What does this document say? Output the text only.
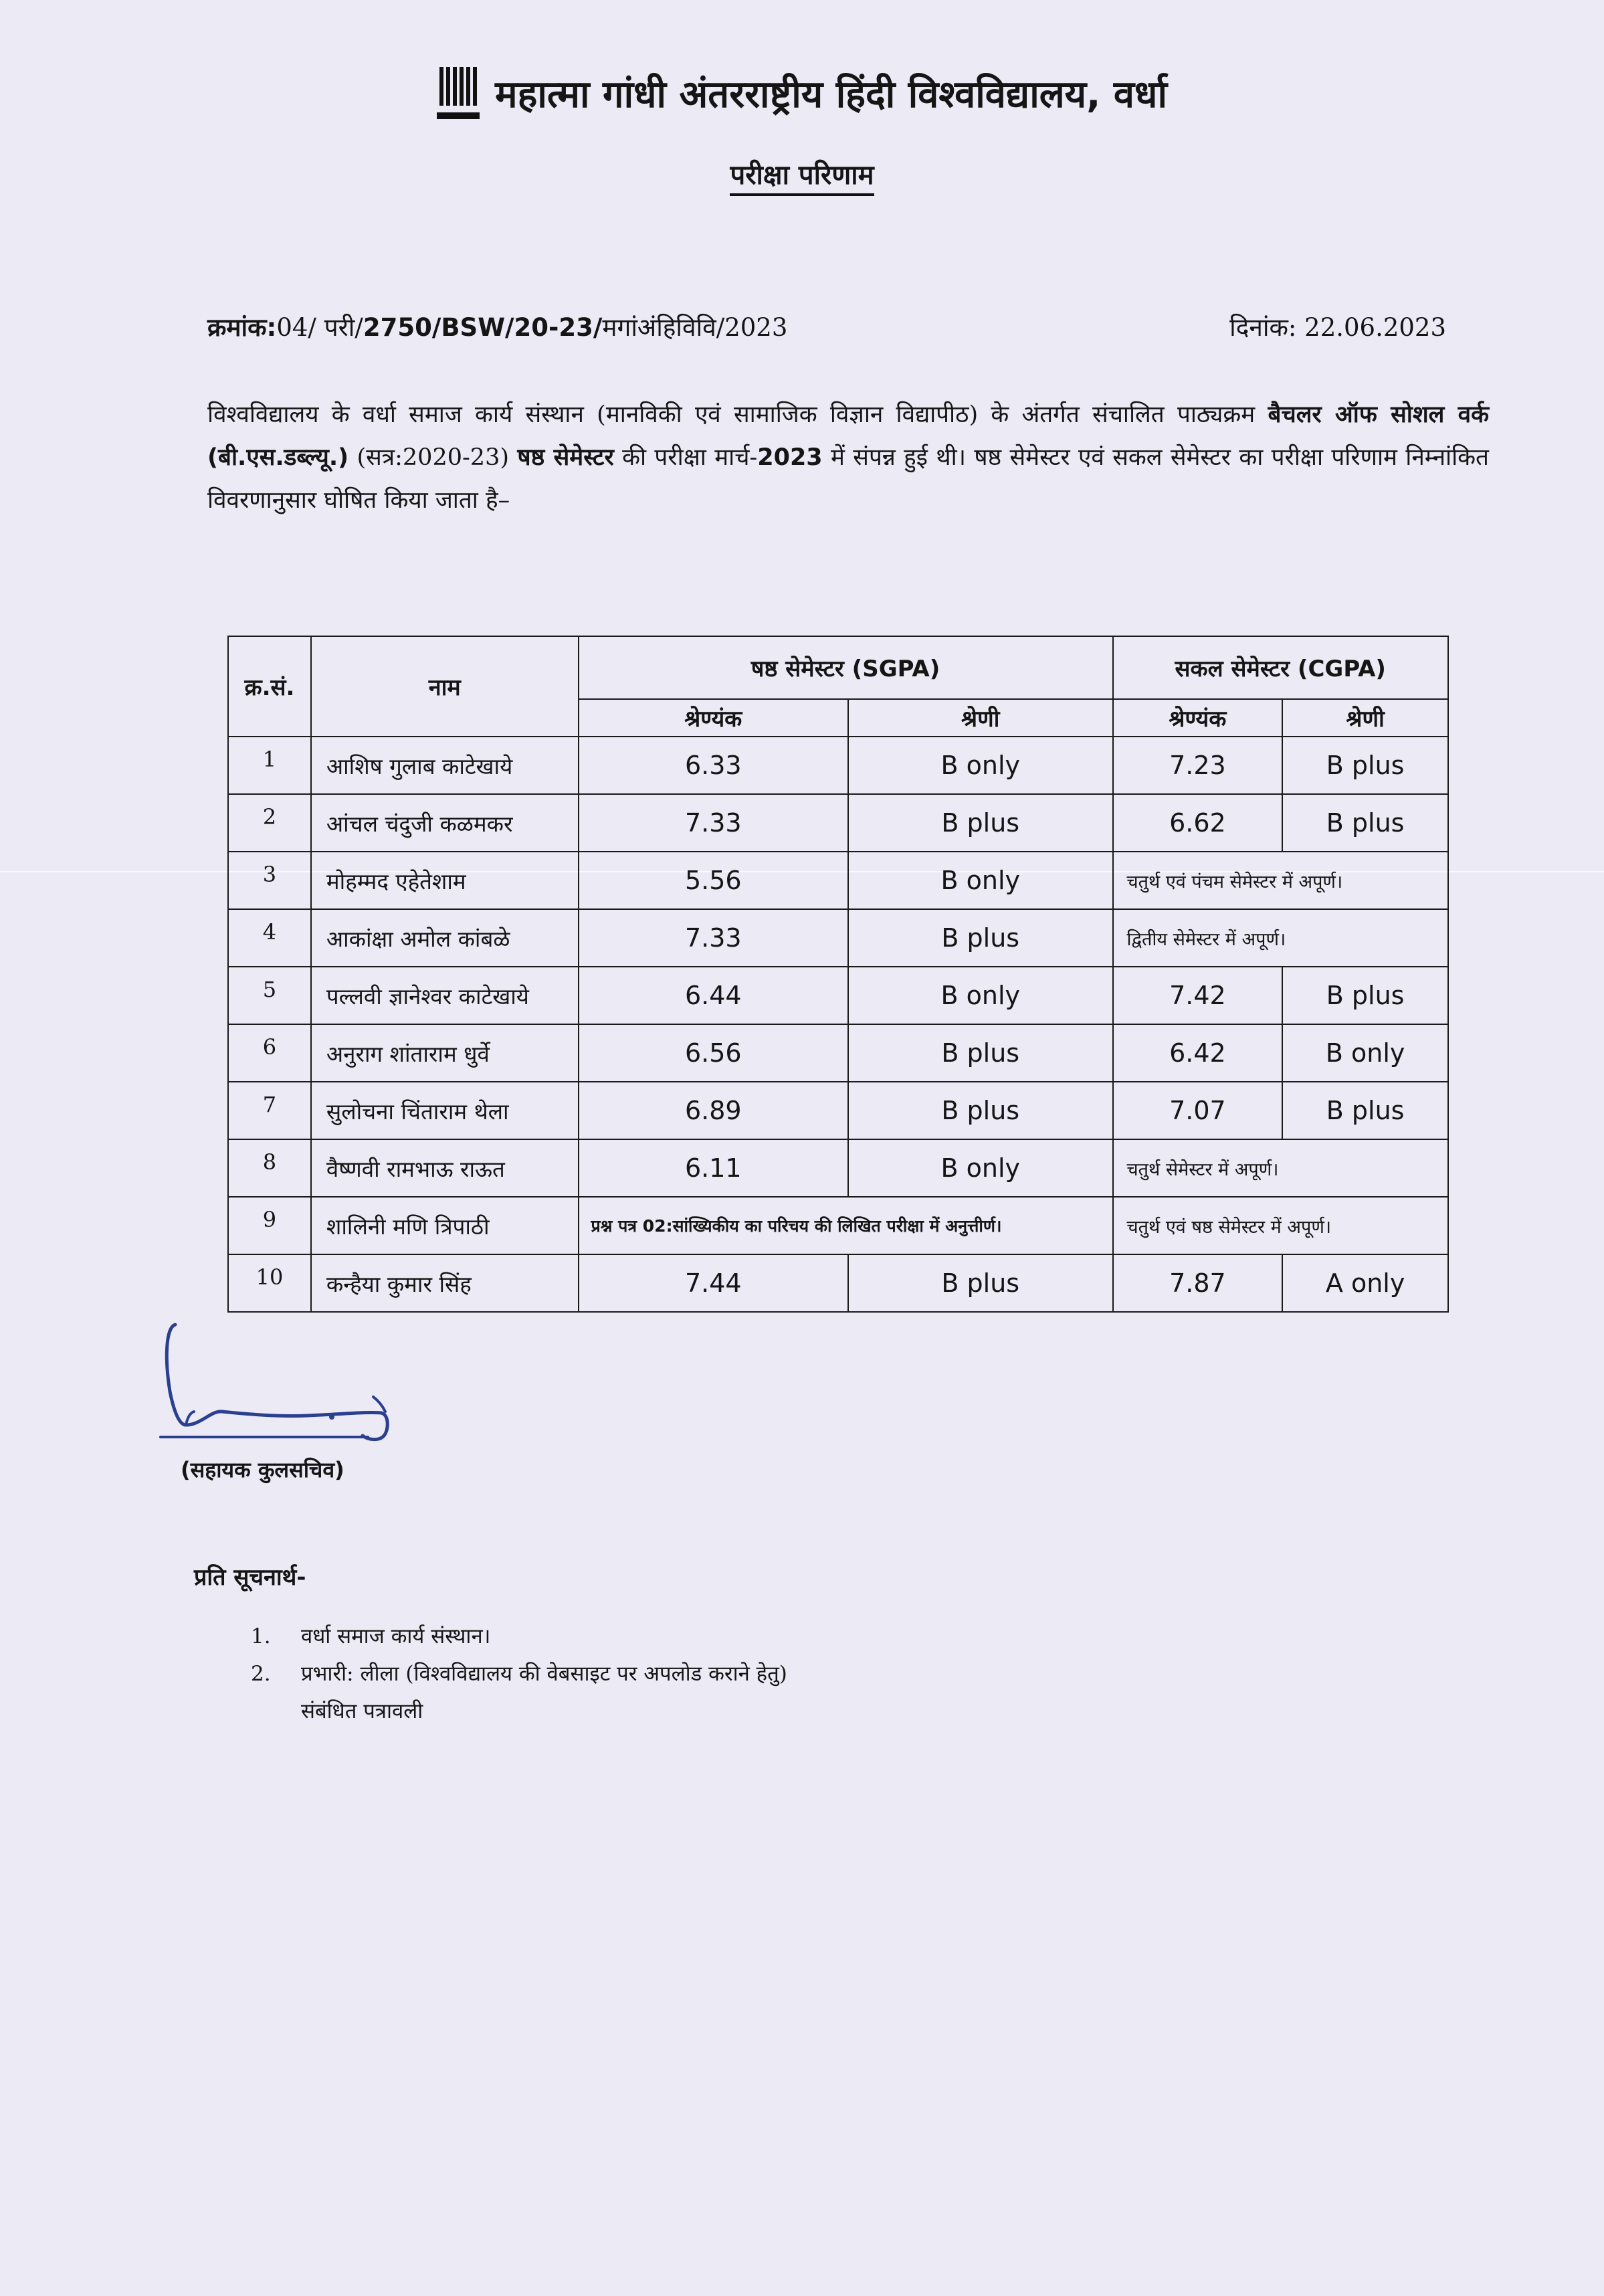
महात्मा गांधी अंतरराष्ट्रीय हिंदी विश्वविद्यालय, वर्धा
परीक्षा परिणाम
क्रमांक:04/ परी/2750/BSW/20-23/मगांअंहिविवि/2023	दिनांक: 22.06.2023
विश्वविद्यालय के वर्धा समाज कार्य संस्थान (मानविकी एवं सामाजिक विज्ञान विद्यापीठ) के अंतर्गत संचालित पाठ्यक्रम बैचलर ऑफ सोशल वर्क (बी.एस.डब्ल्यू.) (सत्र:2020-23) षष्ठ सेमेस्टर की परीक्षा मार्च-2023 में संपन्न हुई थी। षष्ठ सेमेस्टर एवं सकल सेमेस्टर का परीक्षा परिणाम निम्नांकित विवरणानुसार घोषित किया जाता है–
क्र.सं.	नाम	षष्ठ सेमेस्टर (SGPA)		सकल सेमेस्टर (CGPA)	
		श्रेण्यंक	श्रेणी	श्रेण्यंक	श्रेणी
1	आशिष गुलाब काटेखाये	6.33	B only	7.23	B plus
2	आंचल चंदुजी कळमकर	7.33	B plus	6.62	B plus
3	मोहम्मद एहेतेशाम	5.56	B only	चतुर्थ एवं पंचम सेमेस्टर में अपूर्ण।	
4	आकांक्षा अमोल कांबळे	7.33	B plus	द्वितीय सेमेस्टर में अपूर्ण।	
5	पल्लवी ज्ञानेश्वर काटेखाये	6.44	B only	7.42	B plus
6	अनुराग शांताराम धुर्वे	6.56	B plus	6.42	B only
7	सुलोचना चिंताराम थेला	6.89	B plus	7.07	B plus
8	वैष्णवी रामभाऊ राऊत	6.11	B only	चतुर्थ सेमेस्टर में अपूर्ण।	
9	शालिनी मणि त्रिपाठी	प्रश्न पत्र 02:सांख्यिकीय का परिचय की लिखित परीक्षा में अनुत्तीर्ण।		चतुर्थ एवं षष्ठ सेमेस्टर में अपूर्ण।	
10	कन्हैया कुमार सिंह	7.44	B plus	7.87	A only
(सहायक कुलसचिव)
प्रति सूचनार्थ-
1.	वर्धा समाज कार्य संस्थान।
2.	प्रभारी: लीला (विश्वविद्यालय की वेबसाइट पर अपलोड कराने हेतु)
संबंधित पत्रावली
